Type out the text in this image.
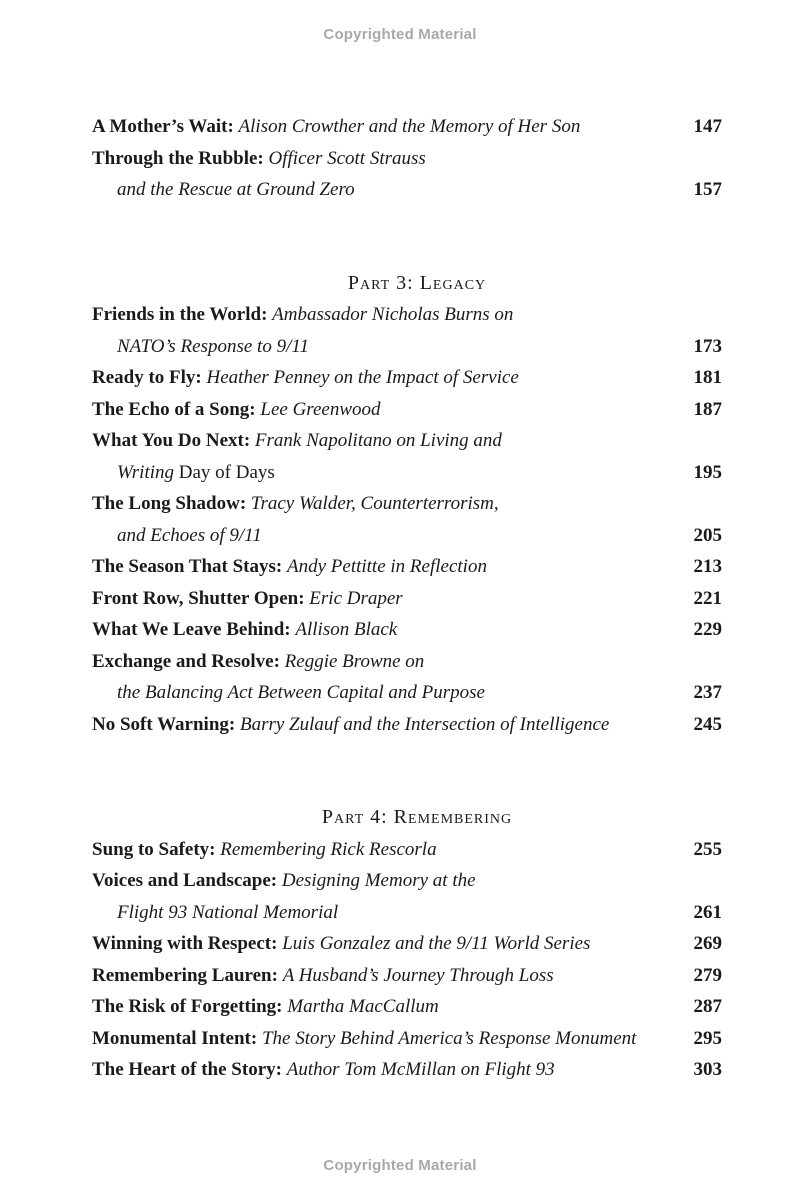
Copyrighted Material
A Mother’s Wait: Alison Crowther and the Memory of Her Son	147
Through the Rubble: Officer Scott Strauss
and the Rescue at Ground Zero	157
Part 3: Legacy
Friends in the World: Ambassador Nicholas Burns on
NATO’s Response to 9/11	173
Ready to Fly: Heather Penney on the Impact of Service	181
The Echo of a Song: Lee Greenwood	187
What You Do Next: Frank Napolitano on Living and
Writing Day of Days	195
The Long Shadow: Tracy Walder, Counterterrorism,
and Echoes of 9/11	205
The Season That Stays: Andy Pettitte in Reflection	213
Front Row, Shutter Open: Eric Draper	221
What We Leave Behind: Allison Black	229
Exchange and Resolve: Reggie Browne on
the Balancing Act Between Capital and Purpose	237
No Soft Warning: Barry Zulauf and the Intersection of Intelligence	245
Part 4: Remembering
Sung to Safety: Remembering Rick Rescorla	255
Voices and Landscape: Designing Memory at the
Flight 93 National Memorial	261
Winning with Respect: Luis Gonzalez and the 9/11 World Series	269
Remembering Lauren: A Husband’s Journey Through Loss	279
The Risk of Forgetting: Martha MacCallum	287
Monumental Intent: The Story Behind America’s Response Monument	295
The Heart of the Story: Author Tom McMillan on Flight 93	303
Copyrighted Material
